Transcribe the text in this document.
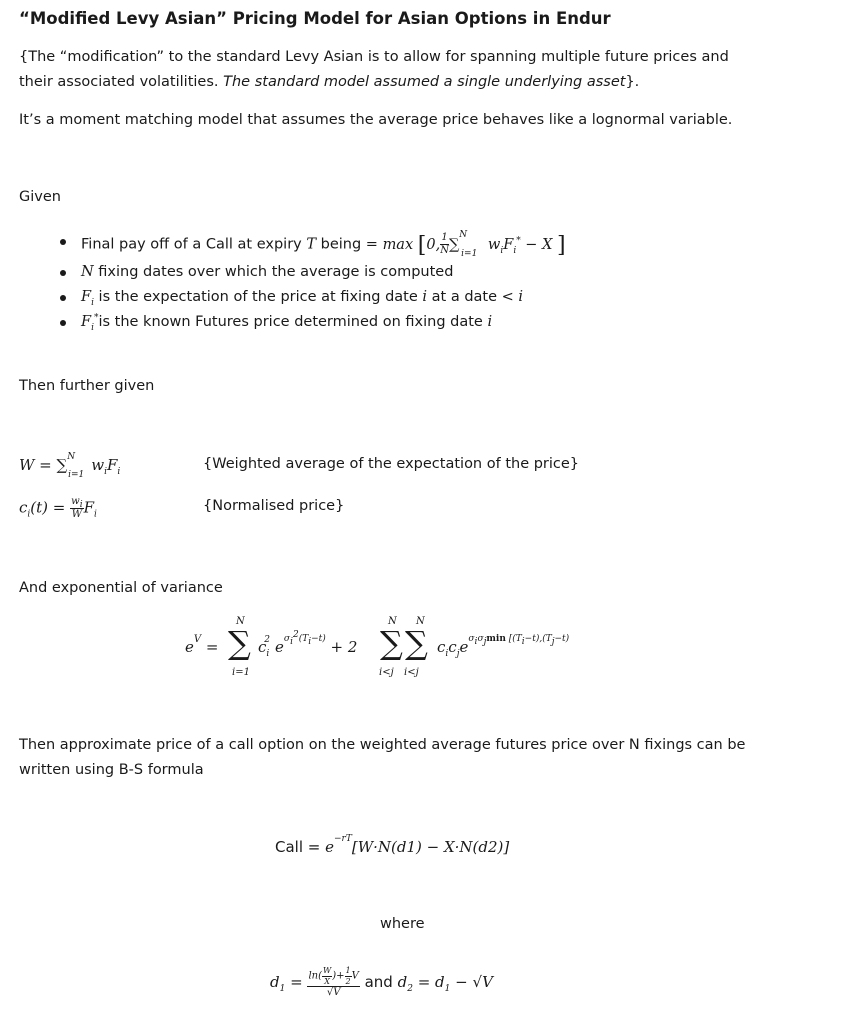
“Modified Levy Asian” Pricing Model for Asian Options in Endur
{The “modification” to the standard Levy Asian is to allow for spanning multiple future prices and
their associated volatilities. The standard model assumed a single underlying asset}.
It’s a moment matching model that assumes the average price behaves like a lognormal variable.
Given
Final pay off of a Call at expiry T being = max [0, $\frac{1}{N} \sum^N_{i=1}$ $w_iF_i^* - X$ ]
N fixing dates over which the average is computed
$F_i$ is the expectation of the price at fixing date i at a date < i
$F_i^*is$ the known Futures price determined on fixing date i
Then further given
$W = \sum^N_{i=1}w_iF_i$	{Weighted average of the expectation of the price}
$c_i(t) = \frac{w_i}{W} F_i$
{Normalised price}
And exponential of variance
$e^V$ =
N
∑
i=1
$c_i^2$ $e^{\sigma_i^2(T_i-t)} + 2$
N N
∑ ∑
i<j i<j
$c_ic_je^{\sigma_i\sigma_jmin [(T_i-t),(T_j-t)}$
Then approximate price of a call option on the weighted average futures price over N fixings can be
written using B-S formula
Call = $e^{-rT}[W\cdot N(d1) - X\cdot N(d2)]$
where
$d_1 = \frac{\ln( \frac{W}{X} )+ \frac{1}{2} V}{√V}$ and $d_2 = d_1 - √V$
